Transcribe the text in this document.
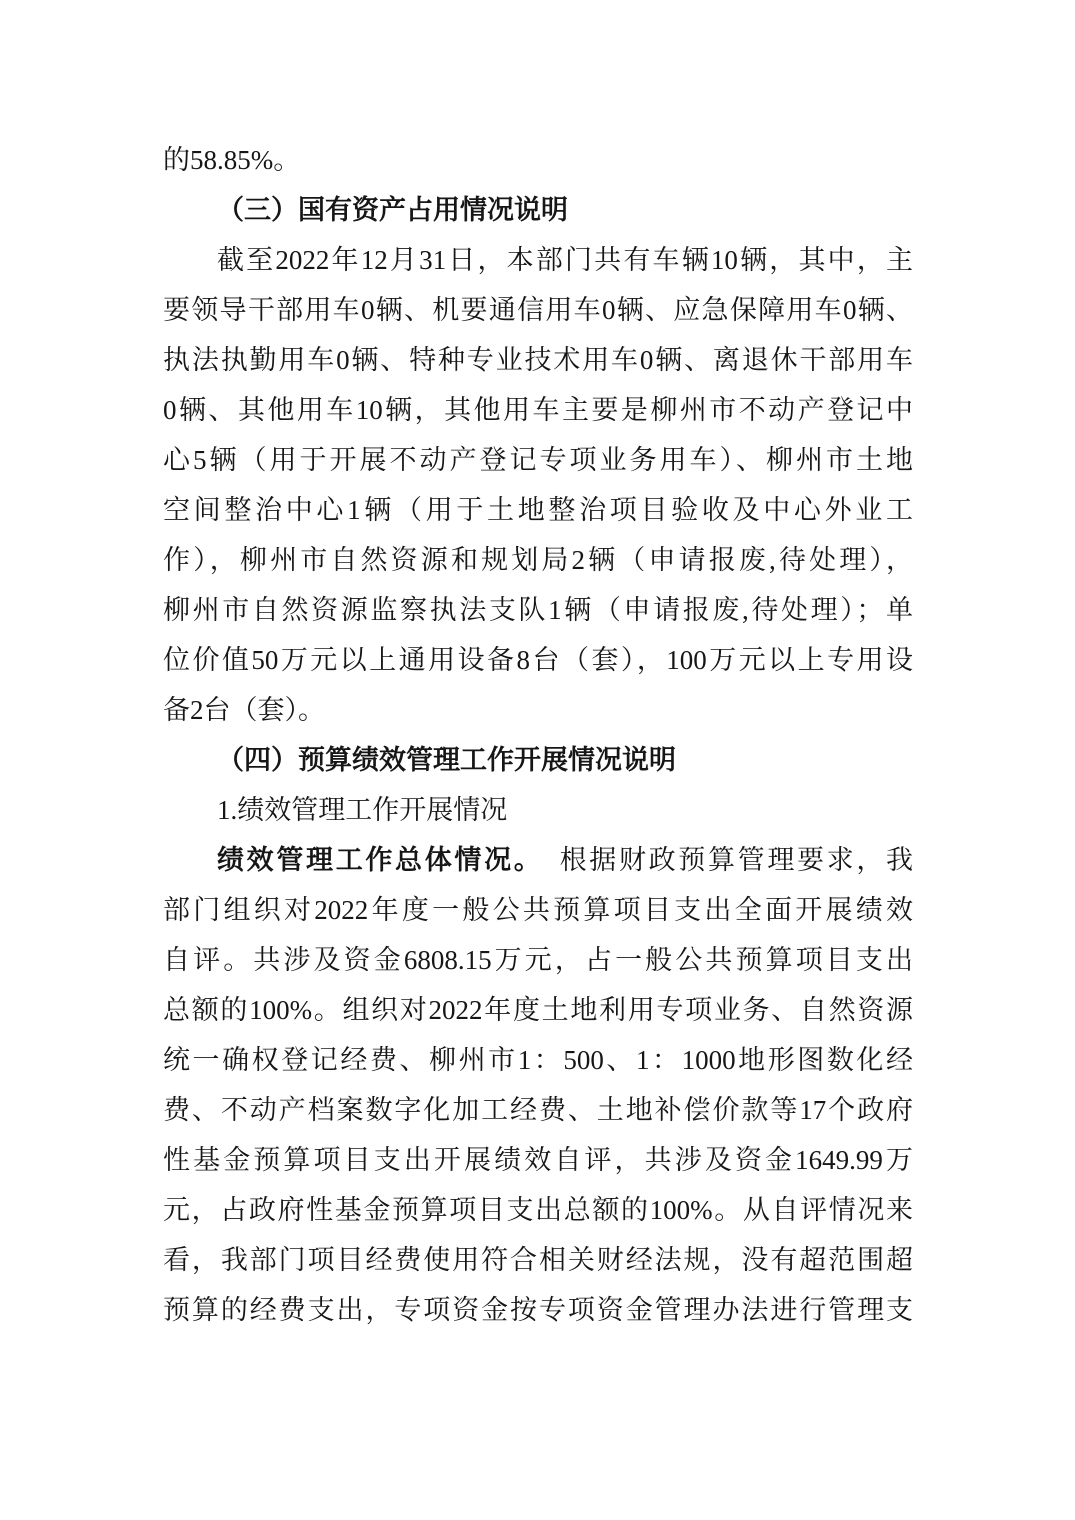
的58.85%。
（三）国有资产占用情况说明
截至2022年12月31日，本部门共有车辆10辆，其中，主
要领导干部用车0辆、机要通信用车0辆、应急保障用车0辆、
执法执勤用车0辆、特种专业技术用车0辆、离退休干部用车
0辆、其他用车10辆，其他用车主要是柳州市不动产登记中
心5辆（用于开展不动产登记专项业务用车）、柳州市土地
空间整治中心1辆（用于土地整治项目验收及中心外业工
作），柳州市自然资源和规划局2辆（申请报废,待处理），
柳州市自然资源监察执法支队1辆（申请报废,待处理）；单
位价值50万元以上通用设备8台（套），100万元以上专用设
备2台（套）。
（四）预算绩效管理工作开展情况说明
1.绩效管理工作开展情况
绩效管理工作总体情况。　根据财政预算管理要求，我
部门组织对2022年度一般公共预算项目支出全面开展绩效
自评。共涉及资金6808.15万元，占一般公共预算项目支出
总额的100%。组织对2022年度土地利用专项业务、自然资源
统一确权登记经费、柳州市1：500、1：1000地形图数化经
费、不动产档案数字化加工经费、土地补偿价款等17个政府
性基金预算项目支出开展绩效自评，共涉及资金1649.99万
元，占政府性基金预算项目支出总额的100%。从自评情况来
看，我部门项目经费使用符合相关财经法规，没有超范围超
预算的经费支出，专项资金按专项资金管理办法进行管理支
